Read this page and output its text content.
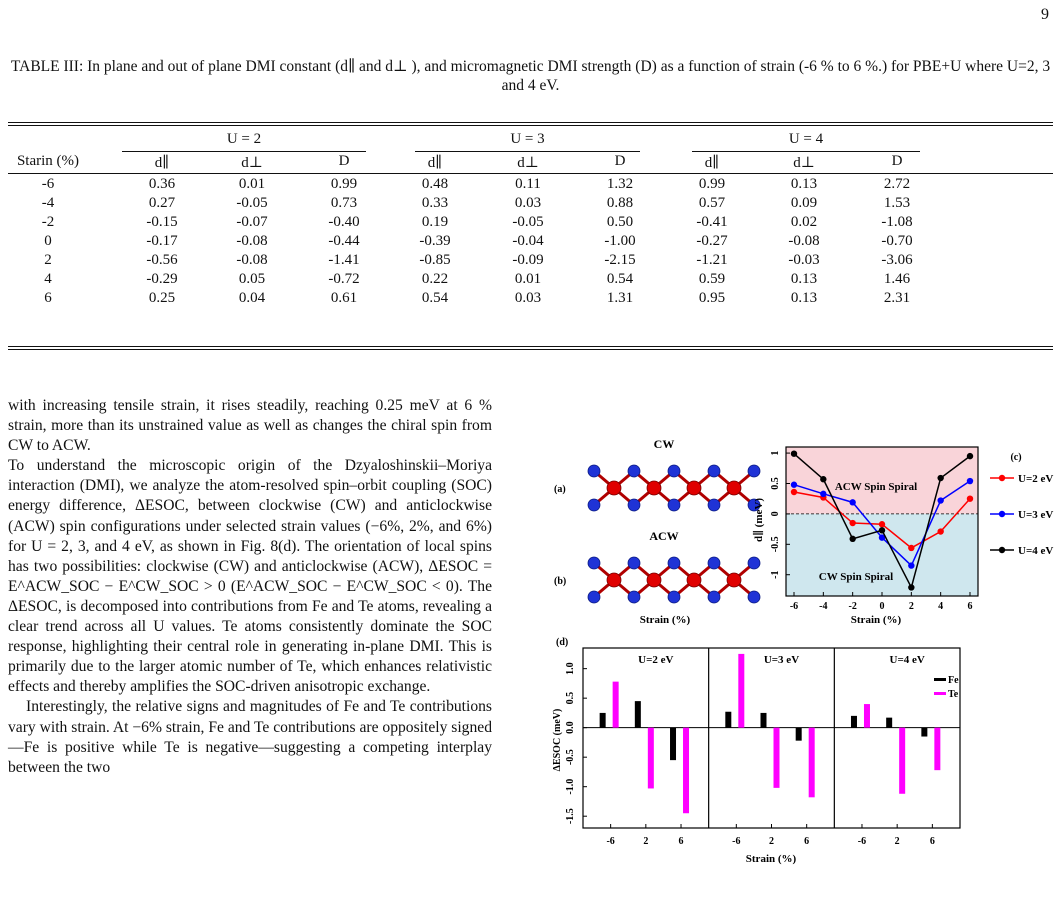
9
TABLE III: In plane and out of plane DMI constant (d∥ and d⊥ ), and micromagnetic DMI strength (D) as a function of strain (-6 % to 6 %.) for PBE+U where U=2, 3 and 4 eV.
U = 2	U = 3	U = 4
Starin (%)	d∥	d⊥	D	d∥	d⊥	D	d∥	d⊥	D
-6	0.36	0.01	0.99	0.48	0.11	1.32	0.99	0.13	2.72
-4	0.27	-0.05	0.73	0.33	0.03	0.88	0.57	0.09	1.53
-2	-0.15	-0.07	-0.40	0.19	-0.05	0.50	-0.41	0.02	-1.08
0	-0.17	-0.08	-0.44	-0.39	-0.04	-1.00	-0.27	-0.08	-0.70
2	-0.56	-0.08	-1.41	-0.85	-0.09	-2.15	-1.21	-0.03	-3.06
4	-0.29	0.05	-0.72	0.22	0.01	0.54	0.59	0.13	1.46
6	0.25	0.04	0.61	0.54	0.03	1.31	0.95	0.13	2.31

with increasing tensile strain, it rises steadily, reaching 0.25 meV at 6 % strain, more than its unstrained value as well as changes the chiral spin from CW to ACW.

To understand the microscopic origin of the Dzyaloshinskii–Moriya interaction (DMI), we analyze the atom-resolved spin–orbit coupling (SOC) energy difference, ΔESOC, between clockwise (CW) and anticlockwise (ACW) spin configurations under selected strain values (−6%, 2%, and 6%) for U = 2, 3, and 4 eV, as shown in Fig. 8(d). The orientation of local spins has two possibilities: clockwise (CW) and anticlockwise (ACW), ΔESOC = E^ACW_SOC − E^CW_SOC > 0 (E^ACW_SOC − E^CW_SOC < 0). The ΔESOC, is decomposed into contributions from Fe and Te atoms, revealing a clear trend across all U values. Te atoms consistently dominate the SOC response, highlighting their central role in generating in-plane DMI. This is primarily due to the larger atomic number of Te, which enhances relativistic effects and thereby amplifies the SOC-driven anisotropic exchange.

Interestingly, the relative signs and magnitudes of Fe and Te contributions vary with strain. At −6% strain, Fe and Te contributions are oppositely signed—Fe is positive while Te is negative—suggesting a competing interplay between the two

CW
(a)
ACW
(b)
Strain (%)
ACW Spin Spiral
CW Spin Spiral
1
0.5
0
-0.5
-1
-6 -4 -2 0 2 4 6
Strain (%)
d∥ (meV)
(c)
U=2 eV
U=3 eV
U=4 eV
(d)
1.0
0.5
0.0
-0.5
-1.0
-1.5
ΔESOC (meV)
Strain (%)
U=2 eV
-6	2	6
U=3 eV
-6	2	6
U=4 eV
-6	2	6
Fe
Te
